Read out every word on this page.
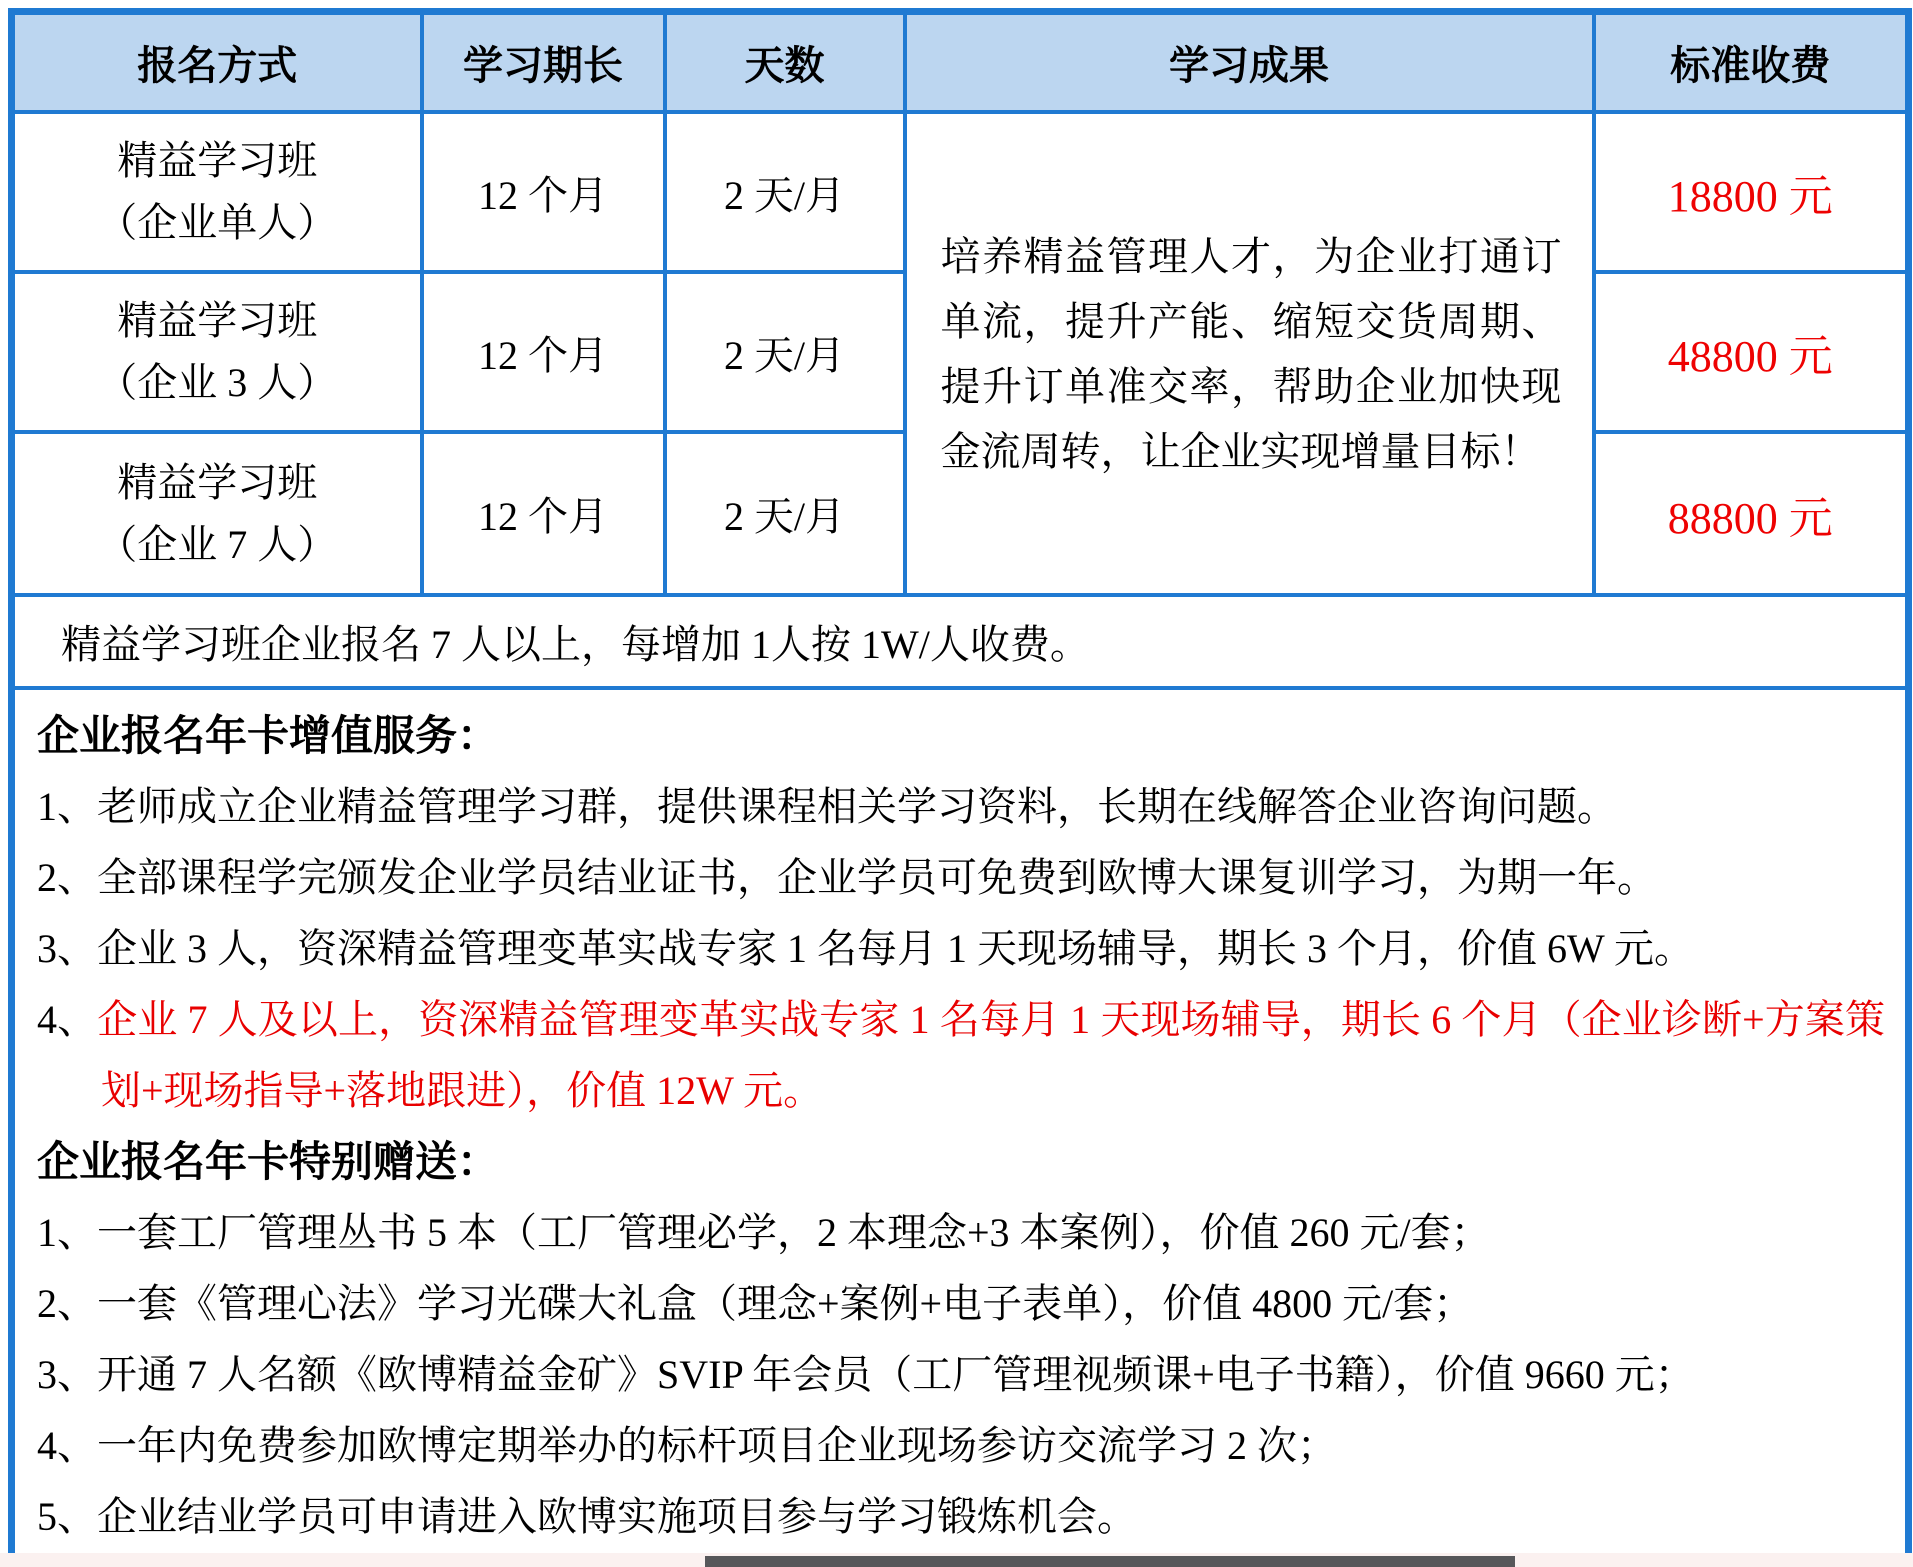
报名方式	学习期长	天数	学习成果	标准收费

精益学习班
（企业单人）	12 个月	2 天/月	培养精益管理人才，为企业打通订单流，提升产能、缩短交货周期、提升订单准交率，帮助企业加快现金流周转，让企业实现增量目标！	18800 元

精益学习班
（企业 3 人）	12 个月	2 天/月		48800 元

精益学习班
（企业 7 人）	12 个月	2 天/月		88800 元
精益学习班企业报名 7 人以上，每增加 1人按 1W/人收费。				

企业报名年卡增值服务：
1、老师成立企业精益管理学习群，提供课程相关学习资料，长期在线解答企业咨询问题。
2、全部课程学完颁发企业学员结业证书，企业学员可免费到欧博大课复训学习，为期一年。
3、企业 3 人，资深精益管理变革实战专家 1 名每月 1 天现场辅导，期长 3 个月，价值 6W 元。
4、企业 7 人及以上，资深精益管理变革实战专家 1 名每月 1 天现场辅导，期长 6 个月（企业诊断+方案策划+现场指导+落地跟进），价值 12W 元。
企业报名年卡特别赠送：
1、一套工厂管理丛书 5 本（工厂管理必学，2 本理念+3 本案例），价值 260 元/套；
2、一套《管理心法》学习光碟大礼盒（理念+案例+电子表单），价值 4800 元/套；
3、开通 7 人名额《欧博精益金矿》SVIP 年会员（工厂管理视频课+电子书籍），价值 9660 元；
4、一年内免费参加欧博定期举办的标杆项目企业现场参访交流学习 2 次；
5、企业结业学员可申请进入欧博实施项目参与学习锻炼机会。
